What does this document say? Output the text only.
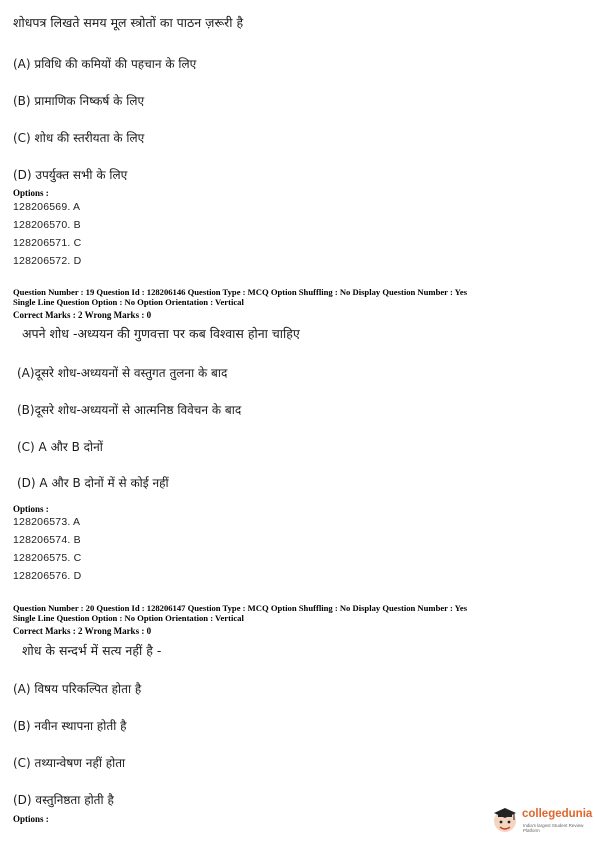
शोधपत्र लिखते समय मूल स्त्रोतों का पाठन ज़रूरी है
(A) प्रविधि की कमियों की पहचान के लिए
(B) प्रामाणिक निष्कर्ष के लिए
(C) शोध की स्तरीयता के लिए
(D) उपर्युक्त सभी के लिए
Options :
128206569. A
128206570. B
128206571. C
128206572. D
Question Number : 19 Question Id : 128206146 Question Type : MCQ Option Shuffling : No Display Question Number : Yes
Single Line Question Option : No Option Orientation : Vertical
Correct Marks : 2 Wrong Marks : 0
अपने शोध -अध्ययन की गुणवत्ता पर कब विश्वास होना चाहिए
(A)दूसरे शोध-अध्ययनों से वस्तुगत तुलना के बाद
(B)दूसरे शोध-अध्ययनों से आत्मनिष्ठ विवेचन के बाद
(C) A और B दोनों
(D) A और B दोनों में से कोई नहीं
Options :
128206573. A
128206574. B
128206575. C
128206576. D
Question Number : 20 Question Id : 128206147 Question Type : MCQ Option Shuffling : No Display Question Number : Yes
Single Line Question Option : No Option Orientation : Vertical
Correct Marks : 2 Wrong Marks : 0
शोध के सन्दर्भ में सत्य नहीं है -
(A) विषय परिकल्पित होता है
(B) नवीन स्थापना होती है
(C) तथ्यान्वेषण नहीं होता
(D) वस्तुनिष्ठता होती है
Options :	collegedunia
India's largest Student Review Platform
